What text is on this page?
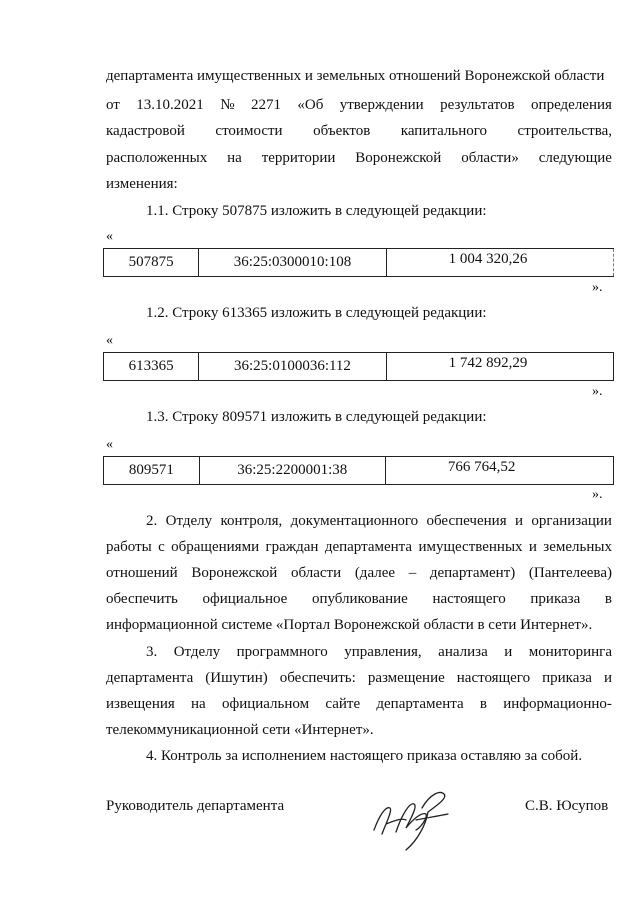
департамента имущественных и земельных отношений Воронежской области
от 13.10.2021 № 2271 «Об утверждении результатов определения
кадастровой стоимости объектов капитального строительства,
расположенных на территории Воронежской области» следующие
изменения:
1.1. Строку 507875 изложить в следующей редакции:
«
507875	36:25:0300010:108	1 004 320,26
».
1.2. Строку 613365 изложить в следующей редакции:
«
613365	36:25:0100036:112	1 742 892,29
».
1.3. Строку 809571 изложить в следующей редакции:
«
809571	36:25:2200001:38	766 764,52
».
2. Отделу контроля, документационного обеспечения и организации
работы с обращениями граждан департамента имущественных и земельных
отношений Воронежской области (далее – департамент) (Пантелеева)
обеспечить официальное опубликование настоящего приказа в
информационной системе «Портал Воронежской области в сети Интернет».
3. Отделу программного управления, анализа и мониторинга
департамента (Ишутин) обеспечить: размещение настоящего приказа и
извещения на официальном сайте департамента в информационно-
телекоммуникационной сети «Интернет».
4. Контроль за исполнением настоящего приказа оставляю за собой.
Руководитель департамента	С.В. Юсупов
